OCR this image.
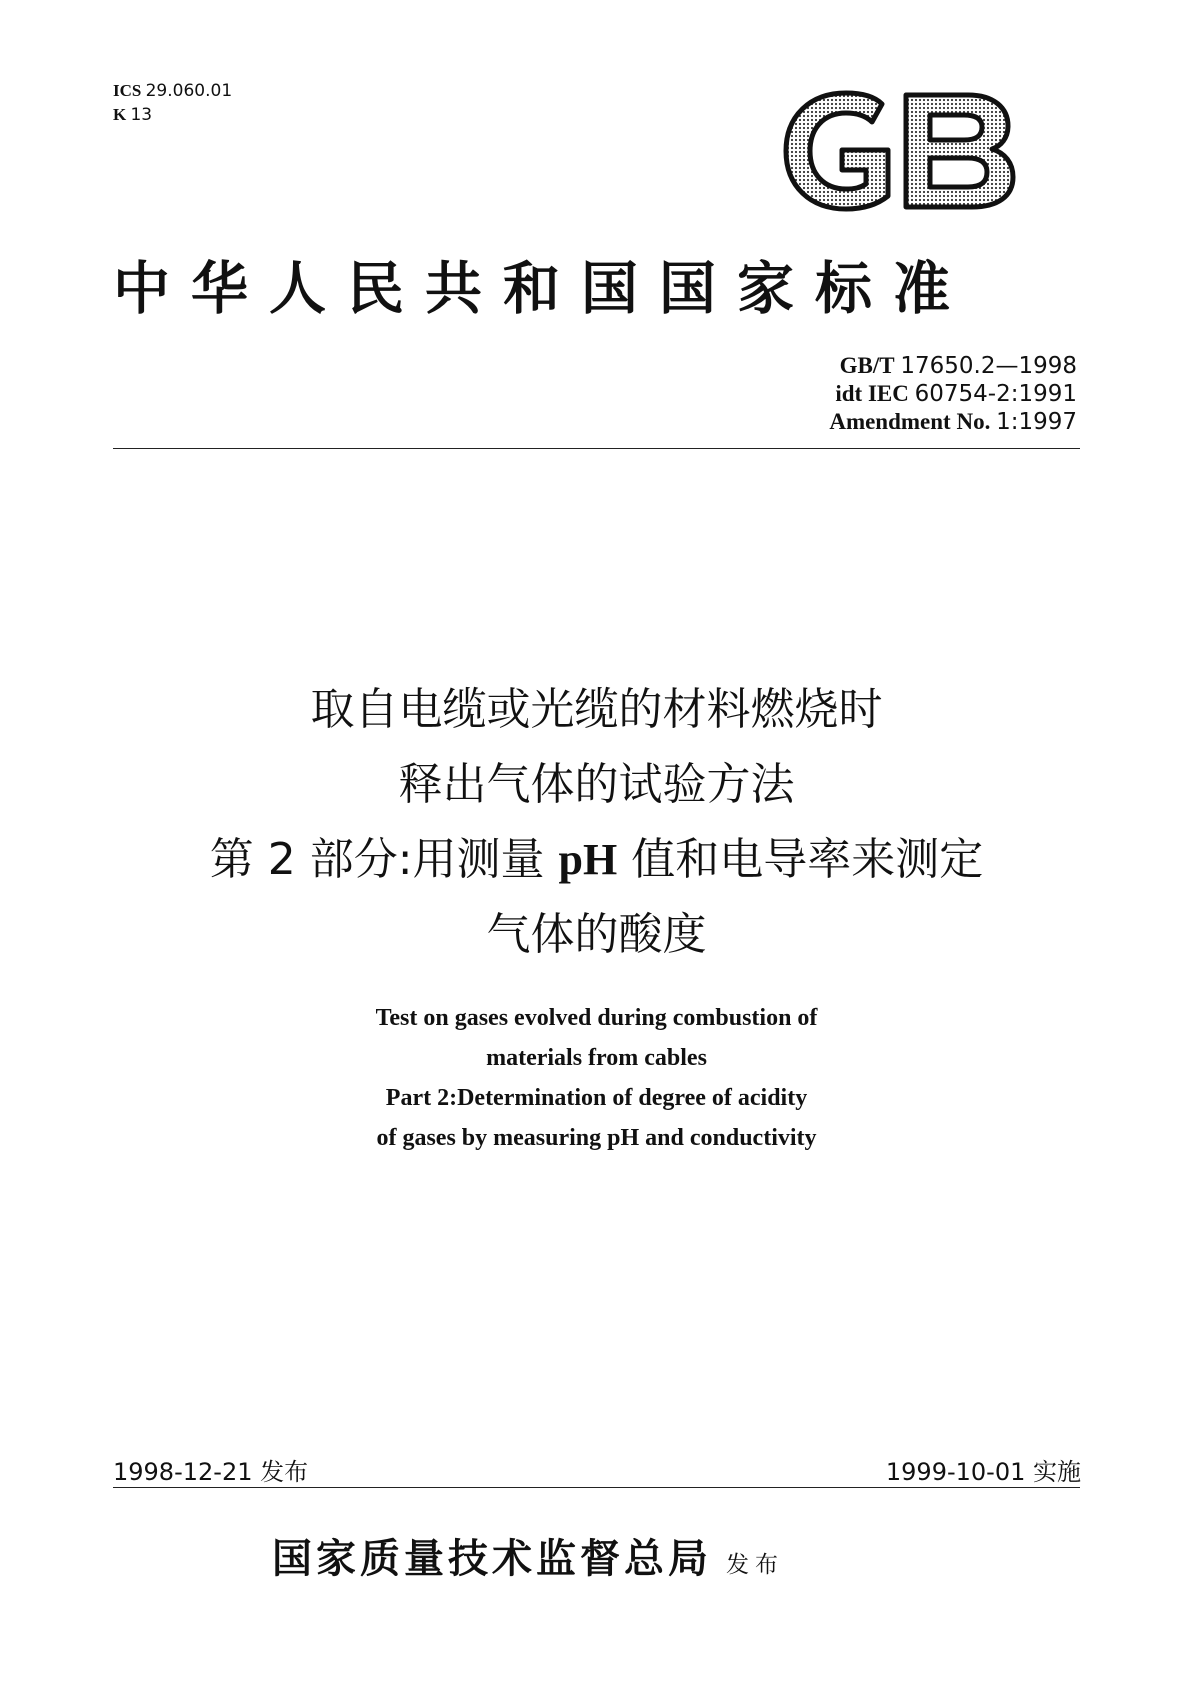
ICS 29.060.01
K 13
中华人民共和国国家标准
GB/T 17650.2—1998
idt IEC 60754-2:1991
Amendment No. 1:1997
取自电缆或光缆的材料燃烧时
释出气体的试验方法
第 2 部分:用测量 pH 值和电导率来测定
气体的酸度
Test on gases evolved during combustion of
materials from cables
Part 2:Determination of degree of acidity
of gases by measuring pH and conductivity
1998-12-21 发布	1999-10-01 实施
国家质量技术监督总局 发布
